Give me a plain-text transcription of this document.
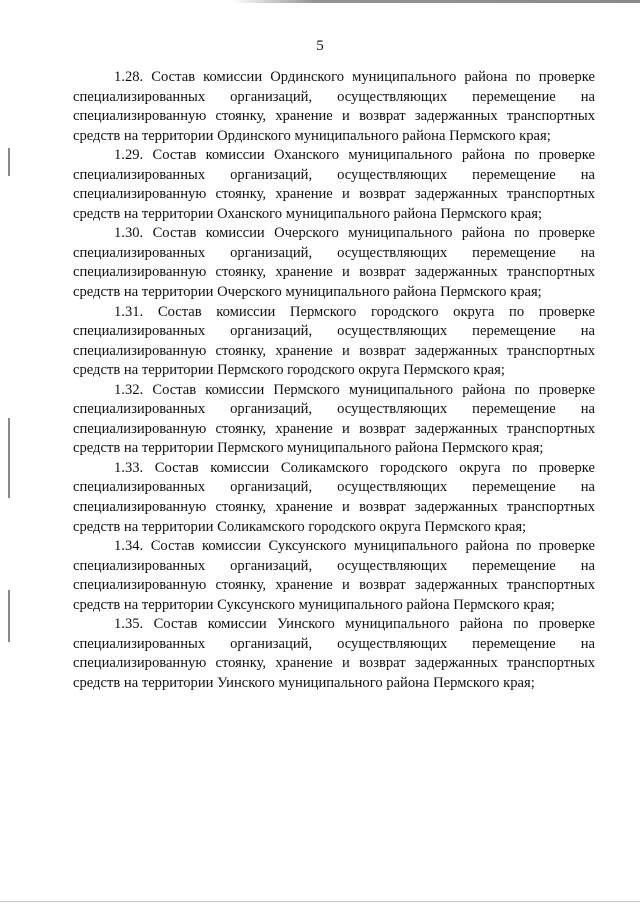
5

1.28. Состав комиссии Ординского муниципального района по проверке специализированных организаций, осуществляющих перемещение на специализированную стоянку, хранение и возврат задержанных транспортных средств на территории Ординского муниципального района Пермского края;

1.29. Состав комиссии Оханского муниципального района по проверке специализированных организаций, осуществляющих перемещение на специализированную стоянку, хранение и возврат задержанных транспортных средств на территории Оханского муниципального района Пермского края;

1.30. Состав комиссии Очерского муниципального района по проверке специализированных организаций, осуществляющих перемещение на специализированную стоянку, хранение и возврат задержанных транспортных средств на территории Очерского муниципального района Пермского края;

1.31. Состав комиссии Пермского городского округа по проверке специализированных организаций, осуществляющих перемещение на специализированную стоянку, хранение и возврат задержанных транспортных средств на территории Пермского городского округа Пермского края;

1.32. Состав комиссии Пермского муниципального района по проверке специализированных организаций, осуществляющих перемещение на специализированную стоянку, хранение и возврат задержанных транспортных средств на территории Пермского муниципального района Пермского края;

1.33. Состав комиссии Соликамского городского округа по проверке специализированных организаций, осуществляющих перемещение на специализированную стоянку, хранение и возврат задержанных транспортных средств на территории Соликамского городского округа Пермского края;

1.34. Состав комиссии Суксунского муниципального района по проверке специализированных организаций, осуществляющих перемещение на специализированную стоянку, хранение и возврат задержанных транспортных средств на территории Суксунского муниципального района Пермского края;

1.35. Состав комиссии Уинского муниципального района по проверке специализированных организаций, осуществляющих перемещение на специализированную стоянку, хранение и возврат задержанных транспортных средств на территории Уинского муниципального района Пермского края;
